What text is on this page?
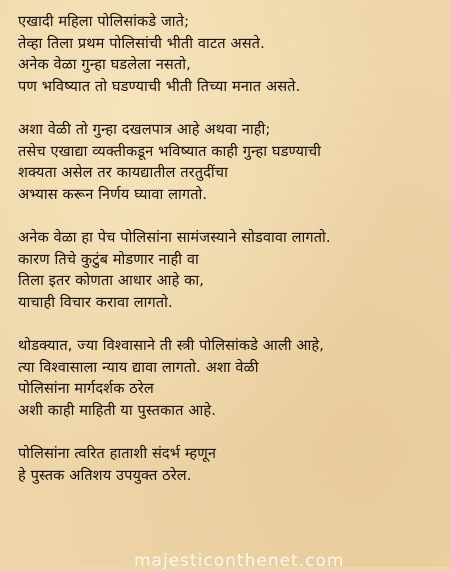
एखादी महिला पोलिसांकडे जाते;
तेव्हा तिला प्रथम पोलिसांची भीती वाटत असते.
अनेक वेळा गुन्हा घडलेला नसतो,
पण भविष्यात तो घडण्याची भीती तिच्या मनात असते.

अशा वेळी तो गुन्हा दखलपात्र आहे अथवा नाही;
तसेच एखाद्या व्यक्तीकडून भविष्यात काही गुन्हा घडण्याची
शक्यता असेल तर कायद्यातील तरतुदींचा
अभ्यास करून निर्णय घ्यावा लागतो.

अनेक वेळा हा पेच पोलिसांना सामंजस्याने सोडवावा लागतो.
कारण तिचे कुटुंब मोडणार नाही वा
तिला इतर कोणता आधार आहे का,
याचाही विचार करावा लागतो.

थोडक्यात, ज्या विश्वासाने ती स्त्री पोलिसांकडे आली आहे,
त्या विश्वासाला न्याय द्यावा लागतो. अशा वेळी
पोलिसांना मार्गदर्शक ठरेल
अशी काही माहिती या पुस्तकात आहे.

पोलिसांना त्वरित हाताशी संदर्भ म्हणून
हे पुस्तक अतिशय उपयुक्त ठरेल.

majesticonthenet.com
